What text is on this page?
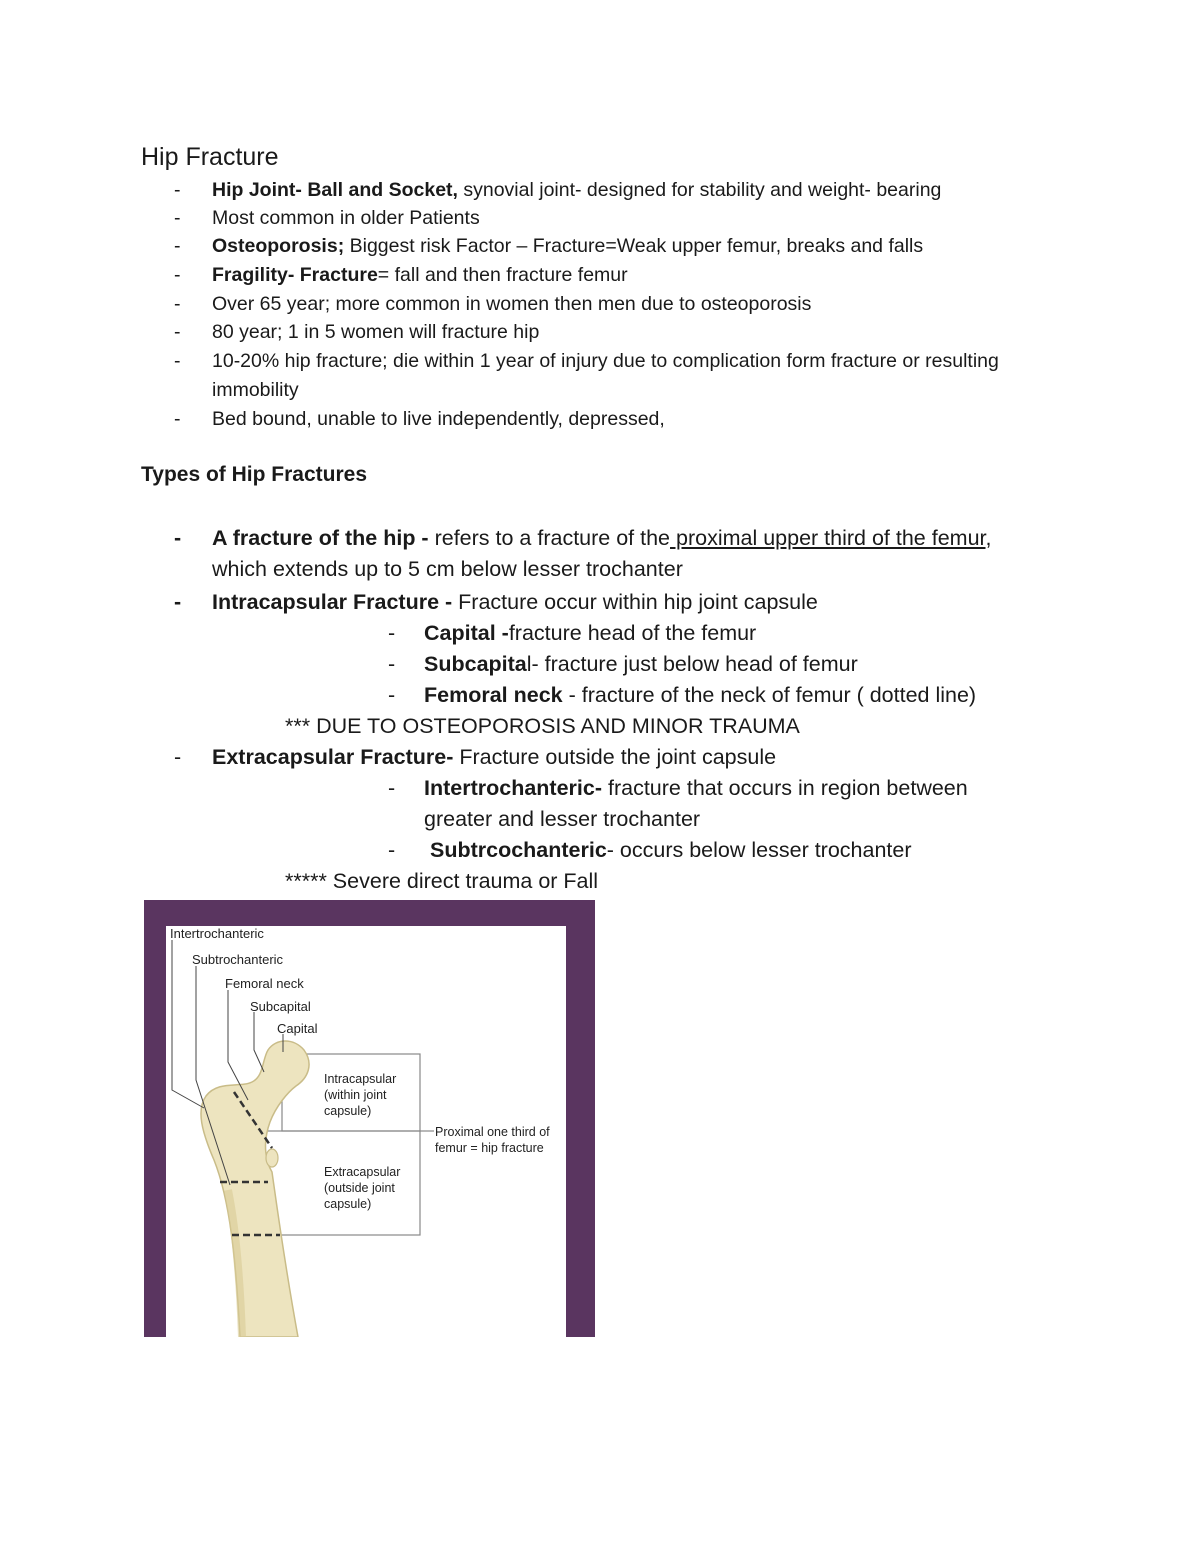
Hip Fracture
- Hip Joint- Ball and Socket, synovial joint- designed for stability and weight- bearing
- Most common in older Patients
- Osteoporosis; Biggest risk Factor – Fracture=Weak upper femur, breaks and falls
- Fragility- Fracture= fall and then fracture femur
- Over 65 year; more common in women then men due to osteoporosis
- 80 year; 1 in 5 women will fracture hip
- 10-20% hip fracture; die within 1 year of injury due to complication form fracture or resulting immobility
- Bed bound, unable to live independently, depressed,
Types of Hip Fractures
- A fracture of the hip - refers to a fracture of the proximal upper third of the femur, which extends up to 5 cm below lesser trochanter
- Intracapsular Fracture - Fracture occur within hip joint capsule
- Capital -fracture head of the femur
- Subcapital- fracture just below head of femur
- Femoral neck - fracture of the neck of femur ( dotted line)
*** DUE TO OSTEOPOROSIS AND MINOR TRAUMA
- Extracapsular Fracture- Fracture outside the joint capsule
- Intertrochanteric- fracture that occurs in region between greater and lesser trochanter
- Subtrcochanteric- occurs below lesser trochanter
***** Severe direct trauma or Fall
Intertrochanteric
Subtrochanteric
Femoral neck
Subcapital
Capital
Intracapsular
(within joint
capsule)
Extracapsular
(outside joint
capsule)
Proximal one third of
femur = hip fracture
